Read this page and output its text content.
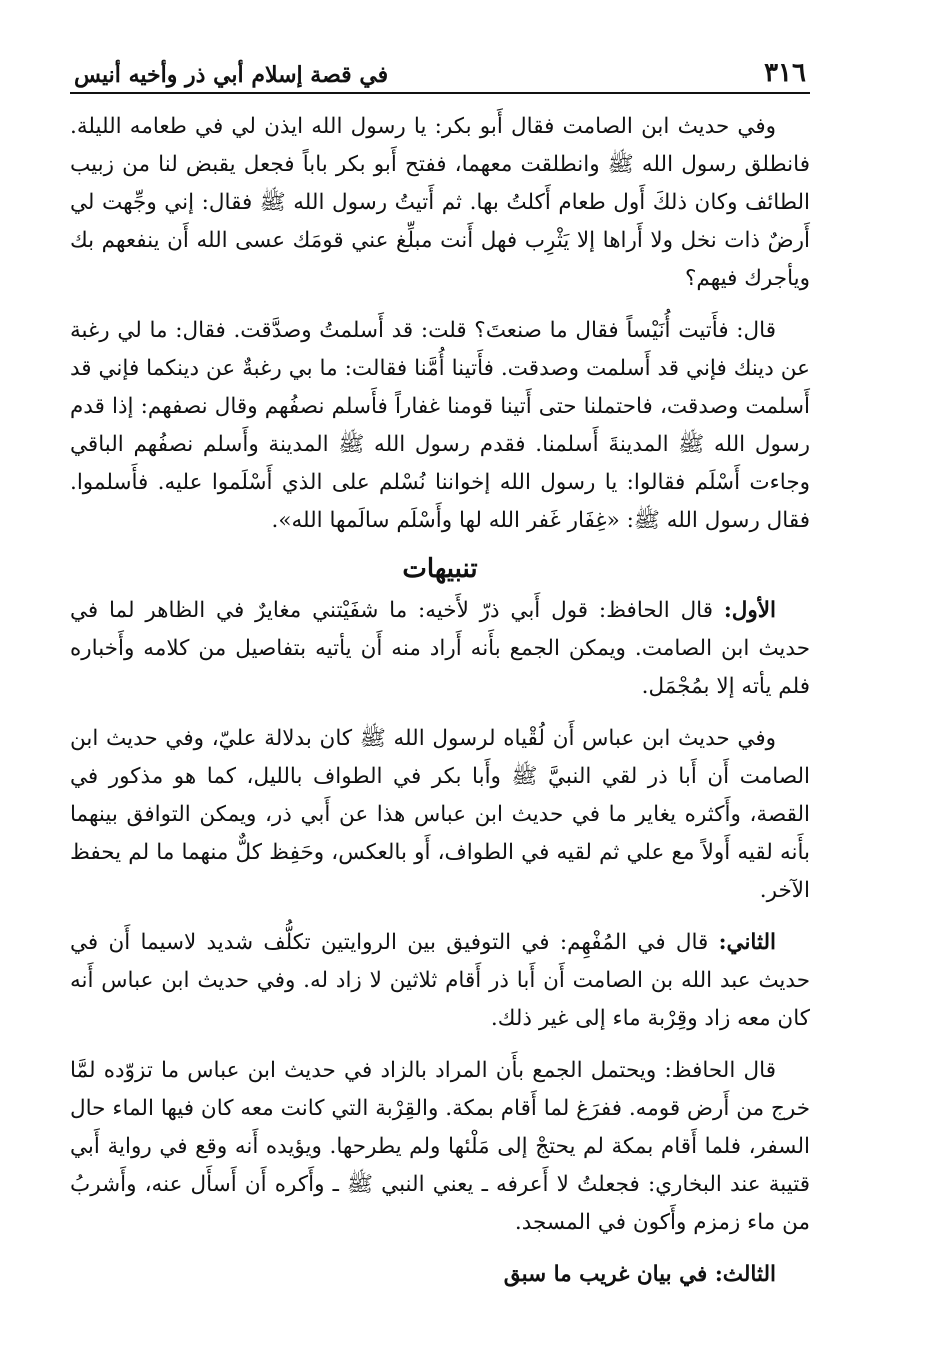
٣١٦
في قصة إسلام أبي ذر وأخيه أنيس

وفي حديث ابن الصامت فقال أَبو بكر: يا رسول الله ايذن لي في طعامه الليلة. فانطلق رسول الله ﷺ وانطلقت معهما، ففتح أَبو بكر باباً فجعل يقبض لنا من زبيب الطائف وكان ذلكَ أَول طعام أَكلتُ بها. ثم أَتيتُ رسول الله ﷺ فقال: إني وجِّهت لي أَرضٌ ذات نخل ولا أَراها إلا يَثْرِب فهل أَنت مبلِّغ عني قومَك عسى الله أَن ينفعهم بك ويأجرك فيهم؟

قال: فأَتيت أُنَيْساً فقال ما صنعتَ؟ قلت: قد أَسلمتُ وصدَّقت. فقال: ما لي رغبة عن دينك فإني قد أَسلمت وصدقت. فأَتينا أُمَّنا فقالت: ما بي رغبةٌ عن دينكما فإني قد أَسلمت وصدقت، فاحتملنا حتى أَتينا قومنا غفاراً فأَسلم نصفُهم وقال نصفهم: إذا قدم رسول الله ﷺ المدينةَ أَسلمنا. فقدم رسول الله ﷺ المدينة وأَسلم نصفُهم الباقي وجاءت أَسْلَم فقالوا: يا رسول الله إخواننا نُسْلم على الذي أَسْلَموا عليه. فأَسلموا. فقال رسول الله ﷺ: «غِفَار غَفر الله لها وأَسْلَم سالَمها الله».

تنبيهات

الأول: قال الحافظ: قول أَبي ذرّ لأَخيه: ما شفَيْتني مغايرٌ في الظاهر لما في حديث ابن الصامت. ويمكن الجمع بأَنه أَراد منه أَن يأتيه بتفاصيل من كلامه وأَخباره فلم يأته إلا بمُجْمَل.

وفي حديث ابن عباس أَن لُقْياه لرسول الله ﷺ كان بدلالة عليّ، وفي حديث ابن الصامت أَن أَبا ذر لقي النبيَّ ﷺ وأَبا بكر في الطواف بالليل، كما هو مذكور في القصة، وأَكثره يغاير ما في حديث ابن عباس هذا عن أَبي ذر، ويمكن التوافق بينهما بأَنه لقيه أَولاً مع علي ثم لقيه في الطواف، أَو بالعكس، وحَفِظ كلٌّ منهما ما لم يحفظ الآخر.

الثاني: قال في المُفْهِم: في التوفيق بين الروايتين تكلُّف شديد لاسيما أَن في حديث عبد الله بن الصامت أَن أَبا ذر أَقام ثلاثين لا زاد له. وفي حديث ابن عباس أَنه كان معه زاد وقِرْبة ماء إلى غير ذلك.

قال الحافظ: ويحتمل الجمع بأَن المراد بالزاد في حديث ابن عباس ما تزوّده لمَّا خرج من أَرض قومه. ففرَغ لما أَقام بمكة. والقِرْبة التي كانت معه كان فيها الماء حال السفر، فلما أَقام بمكة لم يحتجْ إلى مَلْئها ولم يطرحها. ويؤيده أَنه وقع في رواية أَبي قتيبة عند البخاري: فجعلتُ لا أَعرفه ـ يعني النبي ﷺ ـ وأَكره أَن أَسأَل عنه، وأَشربُ من ماء زمزم وأَكون في المسجد.

الثالث: في بيان غريب ما سبق
